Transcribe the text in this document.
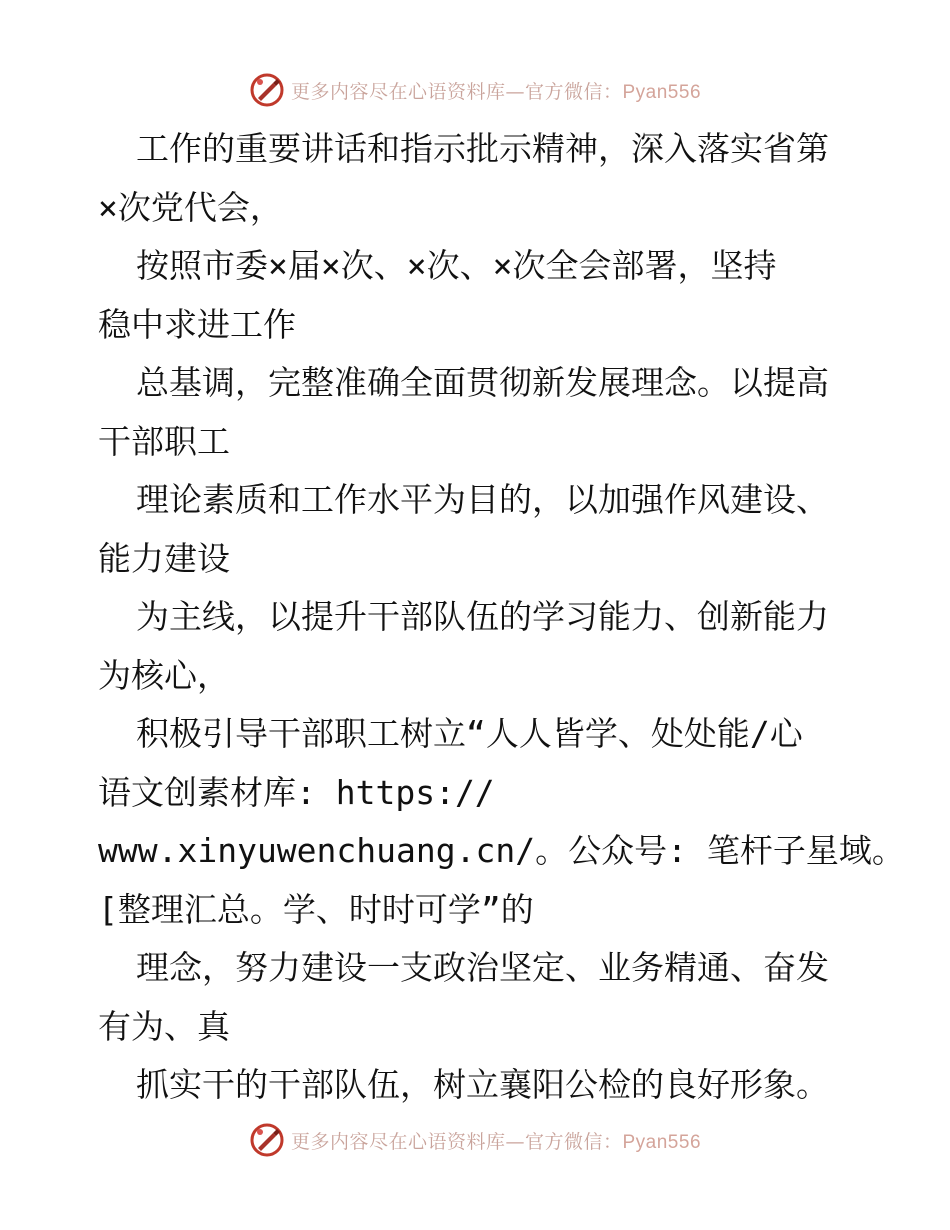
更多内容尽在心语资料库—官方微信：Pyan556
工作的重要讲话和指示批示精神，深入落实省第
×次党代会，
按照市委×届×次、×次、×次全会部署，坚持
稳中求进工作
总基调，完整准确全面贯彻新发展理念。以提高
干部职工
理论素质和工作水平为目的，以加强作风建设、
能力建设
为主线，以提升干部队伍的学习能力、创新能力
为核心，
积极引导干部职工树立“人人皆学、处处能/心
语文创素材库: https://
www.xinyuwenchuang.cn/。公众号: 笔杆子星域。
[整理汇总。学、时时可学”的
理念，努力建设一支政治坚定、业务精通、奋发
有为、真
抓实干的干部队伍，树立襄阳公检的良好形象。
更多内容尽在心语资料库—官方微信：Pyan556
